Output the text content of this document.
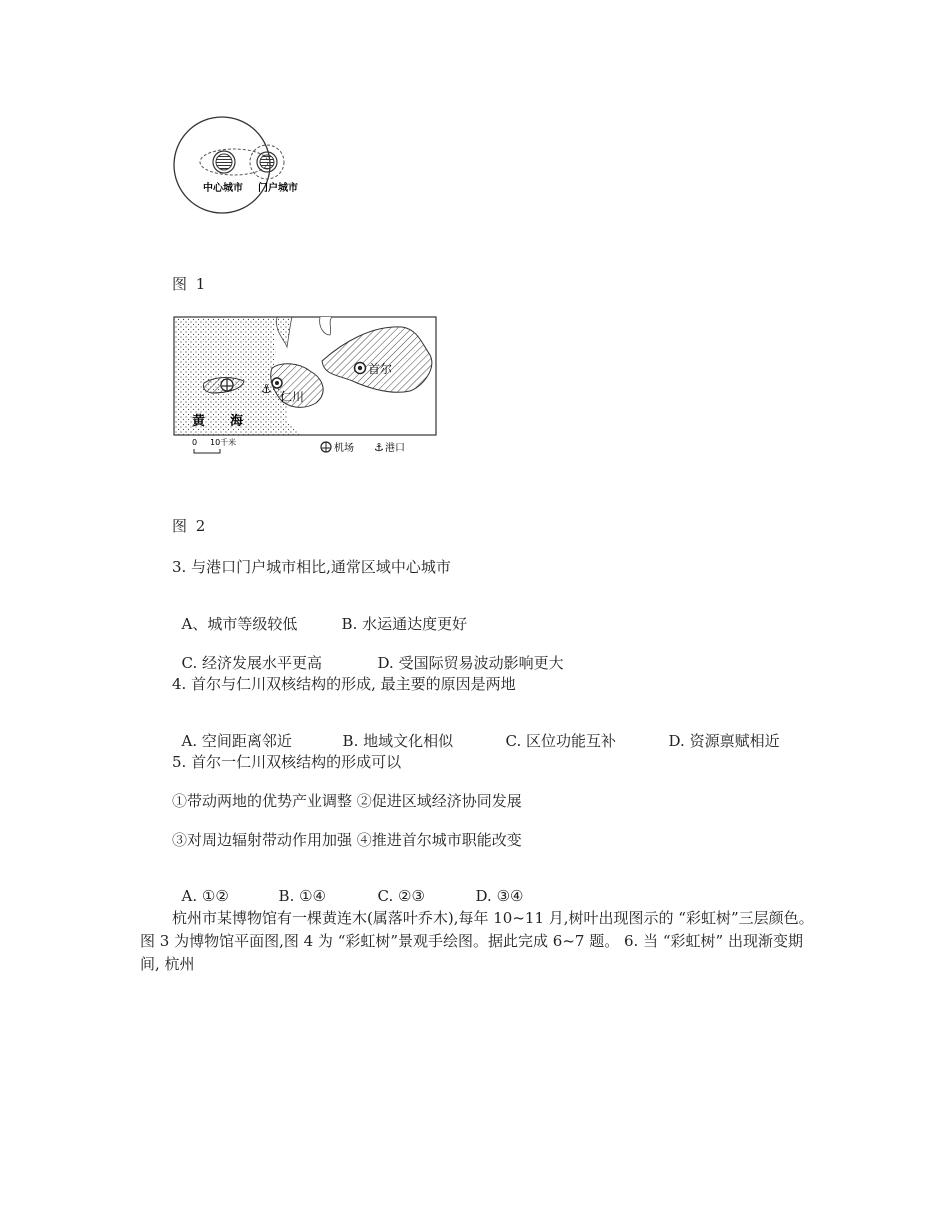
中心城市 门户城市
图 1
⚓
首尔
仁川
黄 海
0 10千米
机场 ⚓ 港口
图 2
3. 与港口门户城市相比,通常区域中心城市

A、城市等级较低	B. 水运通达度更好

C. 经济发展水平更高	D. 受国际贸易波动影响更大

4. 首尔与仁川双核结构的形成, 最主要的原因是两地

A. 空间距离邻近	B. 地域文化相似	C. 区位功能互补	D. 资源禀赋相近

5. 首尔一仁川双核结构的形成可以
①带动两地的优势产业调整 ②促进区域经济协同发展
③对周边辐射带动作用加强 ④推进首尔城市职能改变

A. ①②	B. ①④	C. ②③	D. ③④

杭州市某博物馆有一棵黄连木(属落叶乔木),每年 10~11 月,树叶出现图示的 “彩虹树”三层颜色。图 3 为博物馆平面图,图 4 为 “彩虹树”景观手绘图。据此完成 6~7 题。 6. 当 “彩虹树” 出现渐变期间, 杭州
